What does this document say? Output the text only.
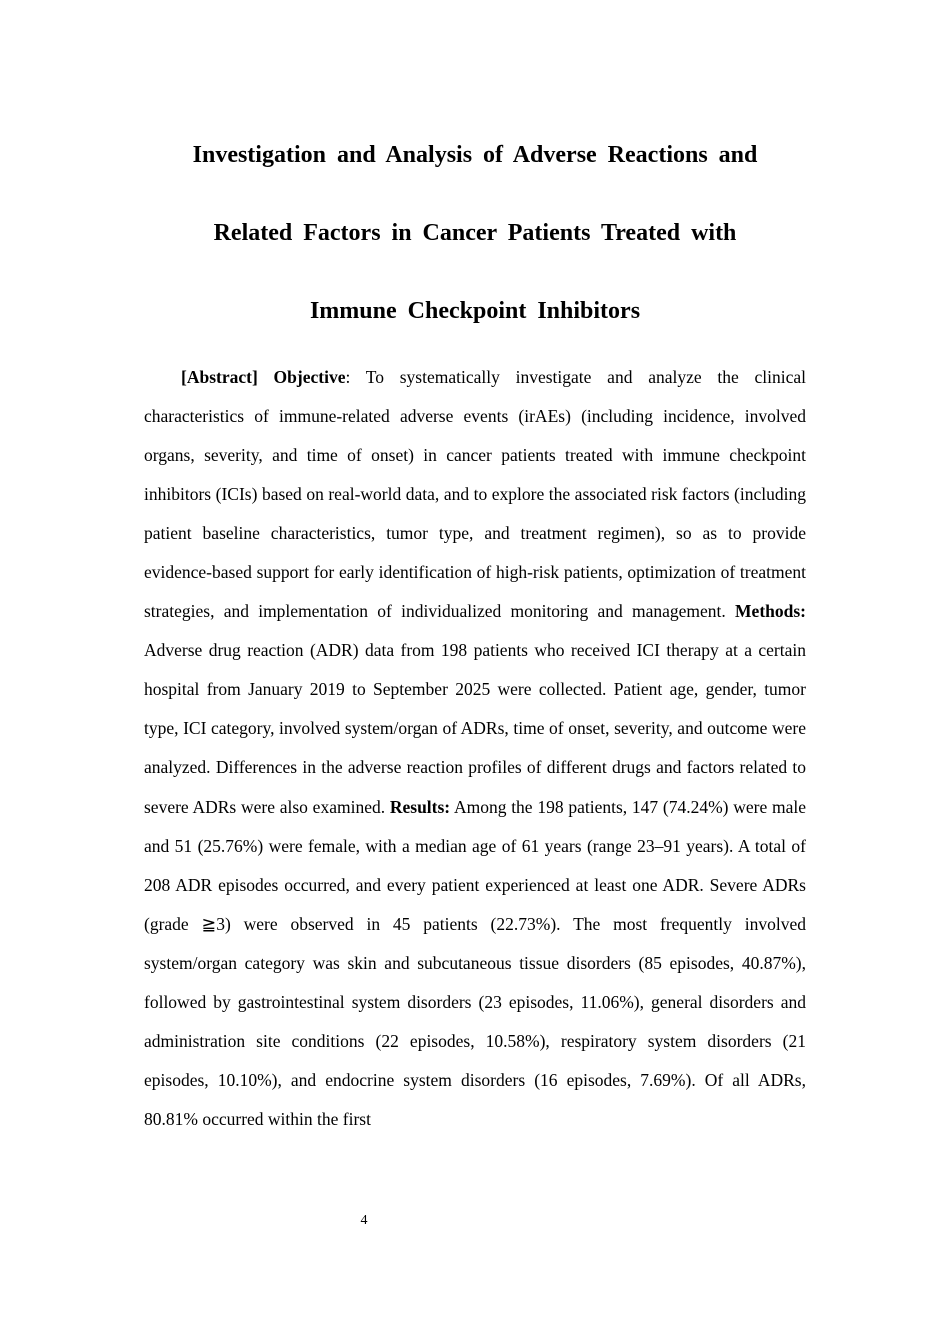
Investigation and Analysis of Adverse Reactions and
Related Factors in Cancer Patients Treated with
Immune Checkpoint Inhibitors

[Abstract] Objective: To systematically investigate and analyze the clinical characteristics of immune-related adverse events (irAEs) (including incidence, involved organs, severity, and time of onset) in cancer patients treated with immune checkpoint inhibitors (ICIs) based on real-world data, and to explore the associated risk factors (including patient baseline characteristics, tumor type, and treatment regimen), so as to provide evidence-based support for early identification of high-risk patients, optimization of treatment strategies, and implementation of individualized monitoring and management. Methods: Adverse drug reaction (ADR) data from 198 patients who received ICI therapy at a certain hospital from January 2019 to September 2025 were collected. Patient age, gender, tumor type, ICI category, involved system/organ of ADRs, time of onset, severity, and outcome were analyzed. Differences in the adverse reaction profiles of different drugs and factors related to severe ADRs were also examined. Results: Among the 198 patients, 147 (74.24%) were male and 51 (25.76%) were female, with a median age of 61 years (range 23–91 years). A total of 208 ADR episodes occurred, and every patient experienced at least one ADR. Severe ADRs (grade ≧3) were observed in 45 patients (22.73%). The most frequently involved system/organ category was skin and subcutaneous tissue disorders (85 episodes, 40.87%), followed by gastrointestinal system disorders (23 episodes, 11.06%), general disorders and administration site conditions (22 episodes, 10.58%), respiratory system disorders (21 episodes, 10.10%), and endocrine system disorders (16 episodes, 7.69%). Of all ADRs, 80.81% occurred within the first

4
